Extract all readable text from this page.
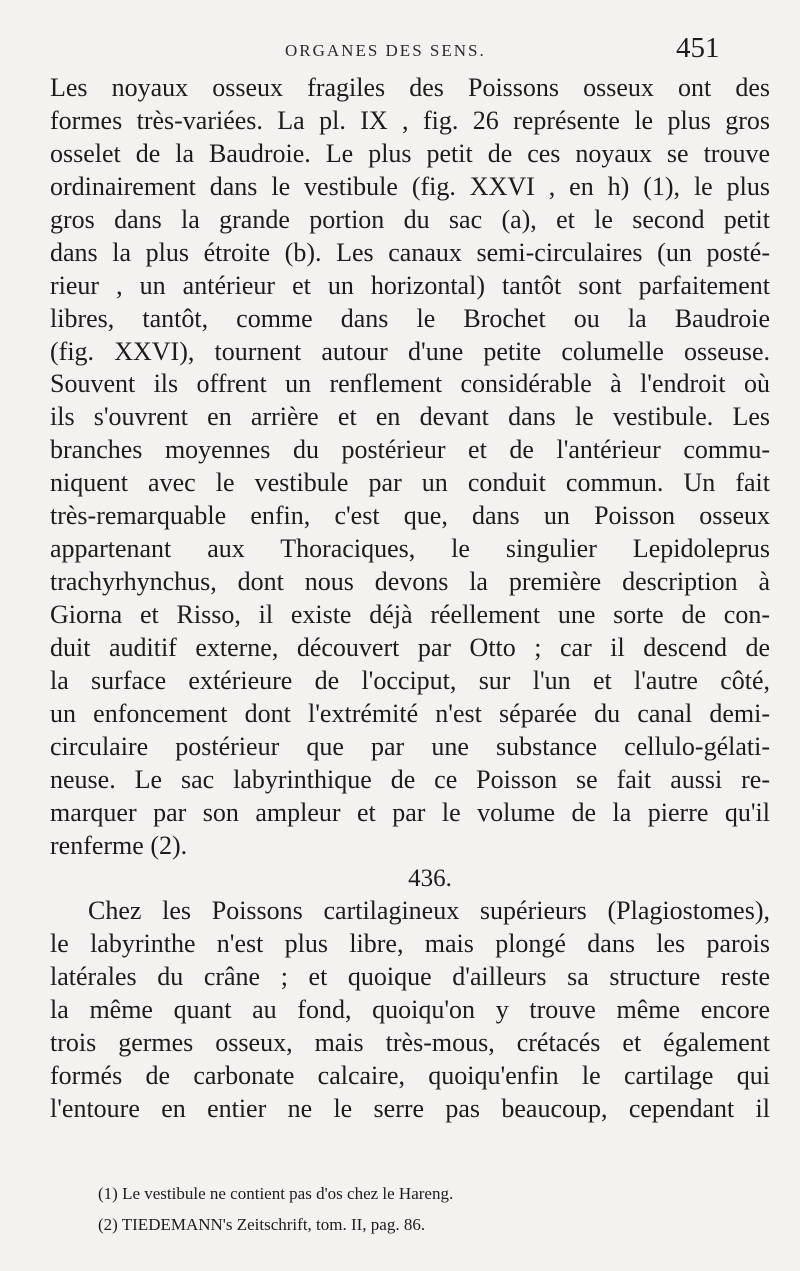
ORGANES DES SENS.	451
Les noyaux osseux fragiles des Poissons osseux ont des
formes très-variées. La pl. IX , fig. 26 représente le plus gros
osselet de la Baudroie. Le plus petit de ces noyaux se trouve
ordinairement dans le vestibule (fig. XXVI , en h) (1), le plus
gros dans la grande portion du sac (a), et le second petit
dans la plus étroite (b). Les canaux semi-circulaires (un posté-
rieur , un antérieur et un horizontal) tantôt sont parfaitement
libres, tantôt, comme dans le Brochet ou la Baudroie
(fig. XXVI), tournent autour d'une petite columelle osseuse.
Souvent ils offrent un renflement considérable à l'endroit où
ils s'ouvrent en arrière et en devant dans le vestibule. Les
branches moyennes du postérieur et de l'antérieur commu-
niquent avec le vestibule par un conduit commun. Un fait
très-remarquable enfin, c'est que, dans un Poisson osseux
appartenant aux Thoraciques, le singulier Lepidoleprus
trachyrhynchus, dont nous devons la première description à
Giorna et Risso, il existe déjà réellement une sorte de con-
duit auditif externe, découvert par Otto ; car il descend de
la surface extérieure de l'occiput, sur l'un et l'autre côté,
un enfoncement dont l'extrémité n'est séparée du canal demi-
circulaire postérieur que par une substance cellulo-gélati-
neuse. Le sac labyrinthique de ce Poisson se fait aussi re-
marquer par son ampleur et par le volume de la pierre qu'il
renferme (2).
436.
Chez les Poissons cartilagineux supérieurs (Plagiostomes),
le labyrinthe n'est plus libre, mais plongé dans les parois
latérales du crâne ; et quoique d'ailleurs sa structure reste
la même quant au fond, quoiqu'on y trouve même encore
trois germes osseux, mais très-mous, crétacés et également
formés de carbonate calcaire, quoiqu'enfin le cartilage qui
l'entoure en entier ne le serre pas beaucoup, cependant il
(1) Le vestibule ne contient pas d'os chez le Hareng.
(2) TIEDEMANN's Zeitschrift, tom. II, pag. 86.
